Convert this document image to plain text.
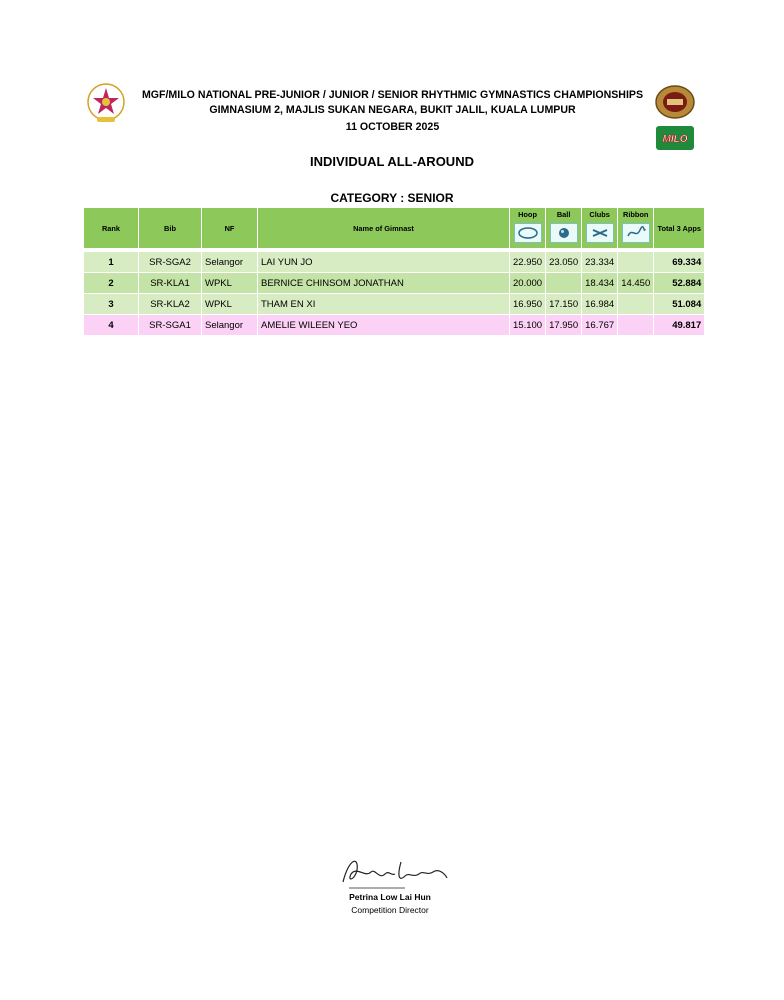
MILO
MGF/MILO NATIONAL PRE-JUNIOR / JUNIOR / SENIOR RHYTHMIC GYMNASTICS CHAMPIONSHIPS
GIMNASIUM 2, MAJLIS SUKAN NEGARA, BUKIT JALIL, KUALA LUMPUR
11 OCTOBER 2025
INDIVIDUAL ALL-AROUND
CATEGORY : SENIOR
Rank	Bib	NF	Name of Gimnast	Hoop	Ball	Clubs	Ribbon	Total 3 Apps

1	SR-SGA2	Selangor	LAI YUN JO	22.950	23.050	23.334		69.334
2	SR-KLA1	WPKL	BERNICE CHINSOM JONATHAN	20.000		18.434	14.450	52.884
3	SR-KLA2	WPKL	THAM EN XI	16.950	17.150	16.984		51.084
4	SR-SGA1	Selangor	AMELIE WILEEN YEO	15.100	17.950	16.767		49.817
Petrina Low Lai Hun
Competition Director
